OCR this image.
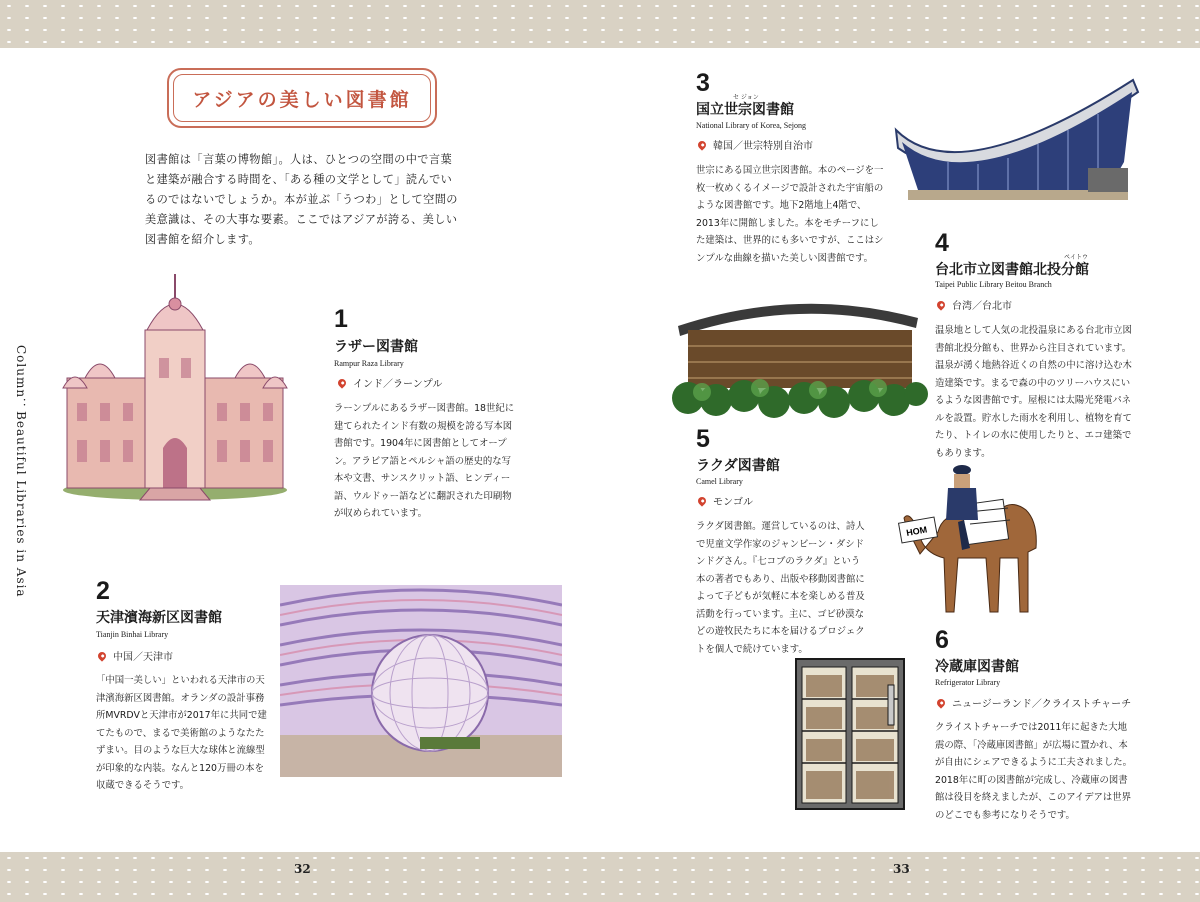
32	33
Column：Beautiful Libraries in Asia
アジアの美しい図書館
図書館は「言葉の博物館」。人は、ひとつの空間の中で言葉と建築が融合する時間を、「ある種の文学として」読んでいるのではないでしょうか。本が並ぶ「うつわ」として空間の美意識は、その大事な要素。ここではアジアが誇る、美しい図書館を紹介します。
1
ラザー図書館
Rampur Raza Library
インド／ラーンプル
ラーンプルにあるラザー図書館。18世紀に建てられたインド有数の規模を誇る写本図書館です。1904年に図書館としてオープン。アラビア語とペルシャ語の歴史的な写本や文書、サンスクリット語、ヒンディー語、ウルドゥー語などに翻訳された印刷物が収められています。
2
天津濱海新区図書館
Tianjin Binhai Library
中国／天津市
「中国一美しい」といわれる天津市の天津濱海新区図書館。オランダの設計事務所MVRDVと天津市が2017年に共同で建てたもので、まるで美術館のようなたたずまい。目のような巨大な球体と流線型が印象的な内装。なんと120万冊の本を収蔵できるそうです。
3
セ ジョン
国立世宗図書館
National Library of Korea, Sejong
韓国／世宗特別自治市
世宗にある国立世宗図書館。本のページを一枚一枚めくるイメージで設計された宇宙船のような図書館です。地下2階地上4階で、2013年に開館しました。本をモチーフにした建築は、世界的にも多いですが、ここはシンプルな曲線を描いた美しい図書館です。
4
ペイトウ
台北市立図書館北投分館
Taipei Public Library Beitou Branch
台湾／台北市
温泉地として人気の北投温泉にある台北市立図書館北投分館も、世界から注目されています。温泉が湧く地熱谷近くの自然の中に溶け込む木造建築です。まるで森の中のツリーハウスにいるような図書館です。屋根には太陽光発電パネルを設置。貯水した雨水を利用し、植物を育てたり、トイレの水に使用したりと、エコ建築でもあります。
5
ラクダ図書館
Camel Library
モンゴル
ラクダ図書館。運営しているのは、詩人で児童文学作家のジャンビーン・ダシドンドグさん。『七コブのラクダ』という本の著者でもあり、出版や移動図書館によって子どもが気軽に本を楽しめる普及活動を行っています。主に、ゴビ砂漠などの遊牧民たちに本を届けるプロジェクトを個人で続けています。
HOM
6
冷蔵庫図書館
Refrigerator Library
ニュージーランド／クライストチャーチ
クライストチャーチでは2011年に起きた大地震の際、「冷蔵庫図書館」が広場に置かれ、本が自由にシェアできるように工夫されました。2018年に町の図書館が完成し、冷蔵庫の図書館は役目を終えましたが、このアイデアは世界のどこでも参考になりそうです。
